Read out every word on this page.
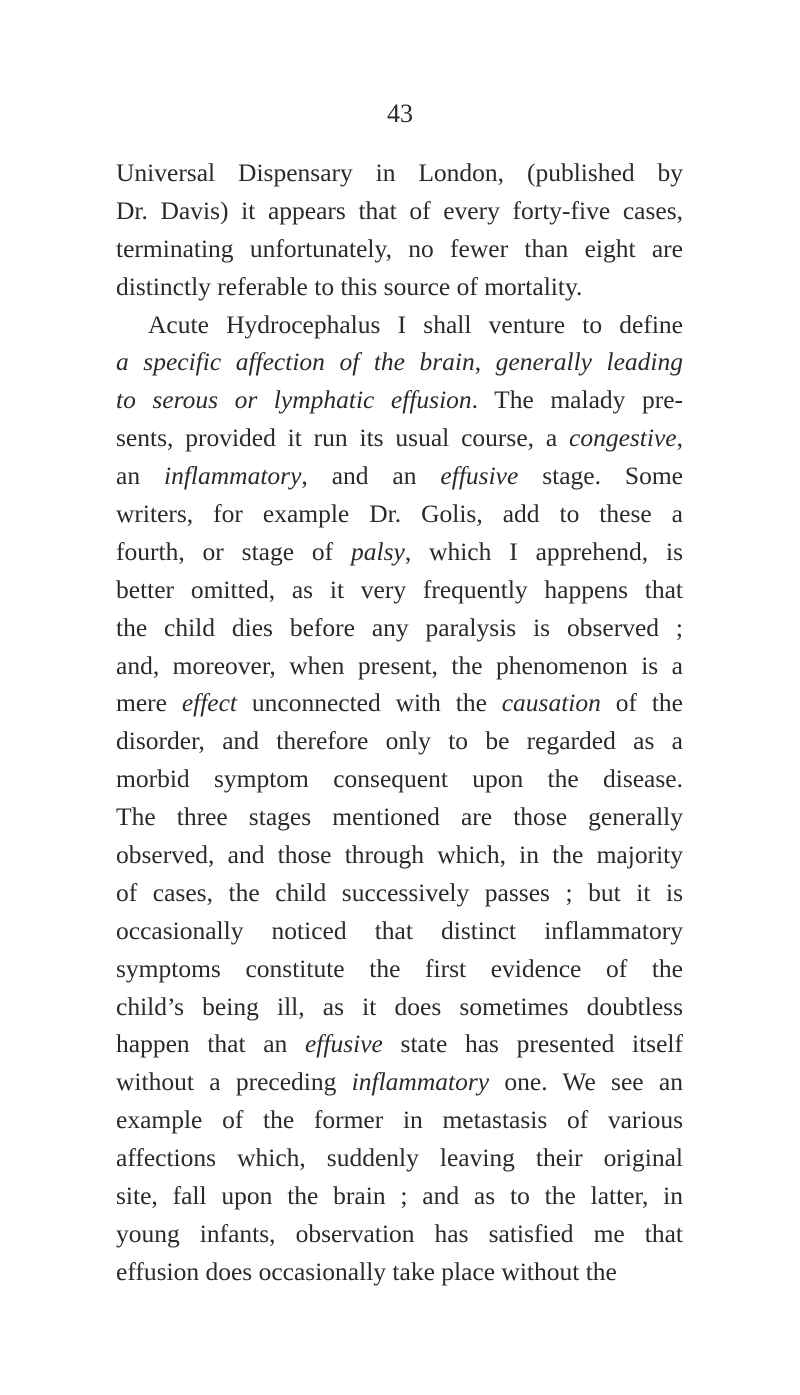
43
Universal Dispensary in London, (published by
Dr. Davis) it appears that of every forty-five cases,
terminating unfortunately, no fewer than eight are
distinctly referable to this source of mortality.
Acute Hydrocephalus I shall venture to define
a specific affection of the brain, generally leading
to serous or lymphatic effusion. The malady pre-
sents, provided it run its usual course, a congestive,
an inflammatory, and an effusive stage. Some
writers, for example Dr. Golis, add to these a
fourth, or stage of palsy, which I apprehend, is
better omitted, as it very frequently happens that
the child dies before any paralysis is observed ;
and, moreover, when present, the phenomenon is a
mere effect unconnected with the causation of the
disorder, and therefore only to be regarded as a
morbid symptom consequent upon the disease.
The three stages mentioned are those generally
observed, and those through which, in the majority
of cases, the child successively passes ; but it is
occasionally noticed that distinct inflammatory
symptoms constitute the first evidence of the
child’s being ill, as it does sometimes doubtless
happen that an effusive state has presented itself
without a preceding inflammatory one. We see an
example of the former in metastasis of various
affections which, suddenly leaving their original
site, fall upon the brain ; and as to the latter, in
young infants, observation has satisfied me that
effusion does occasionally take place without the
